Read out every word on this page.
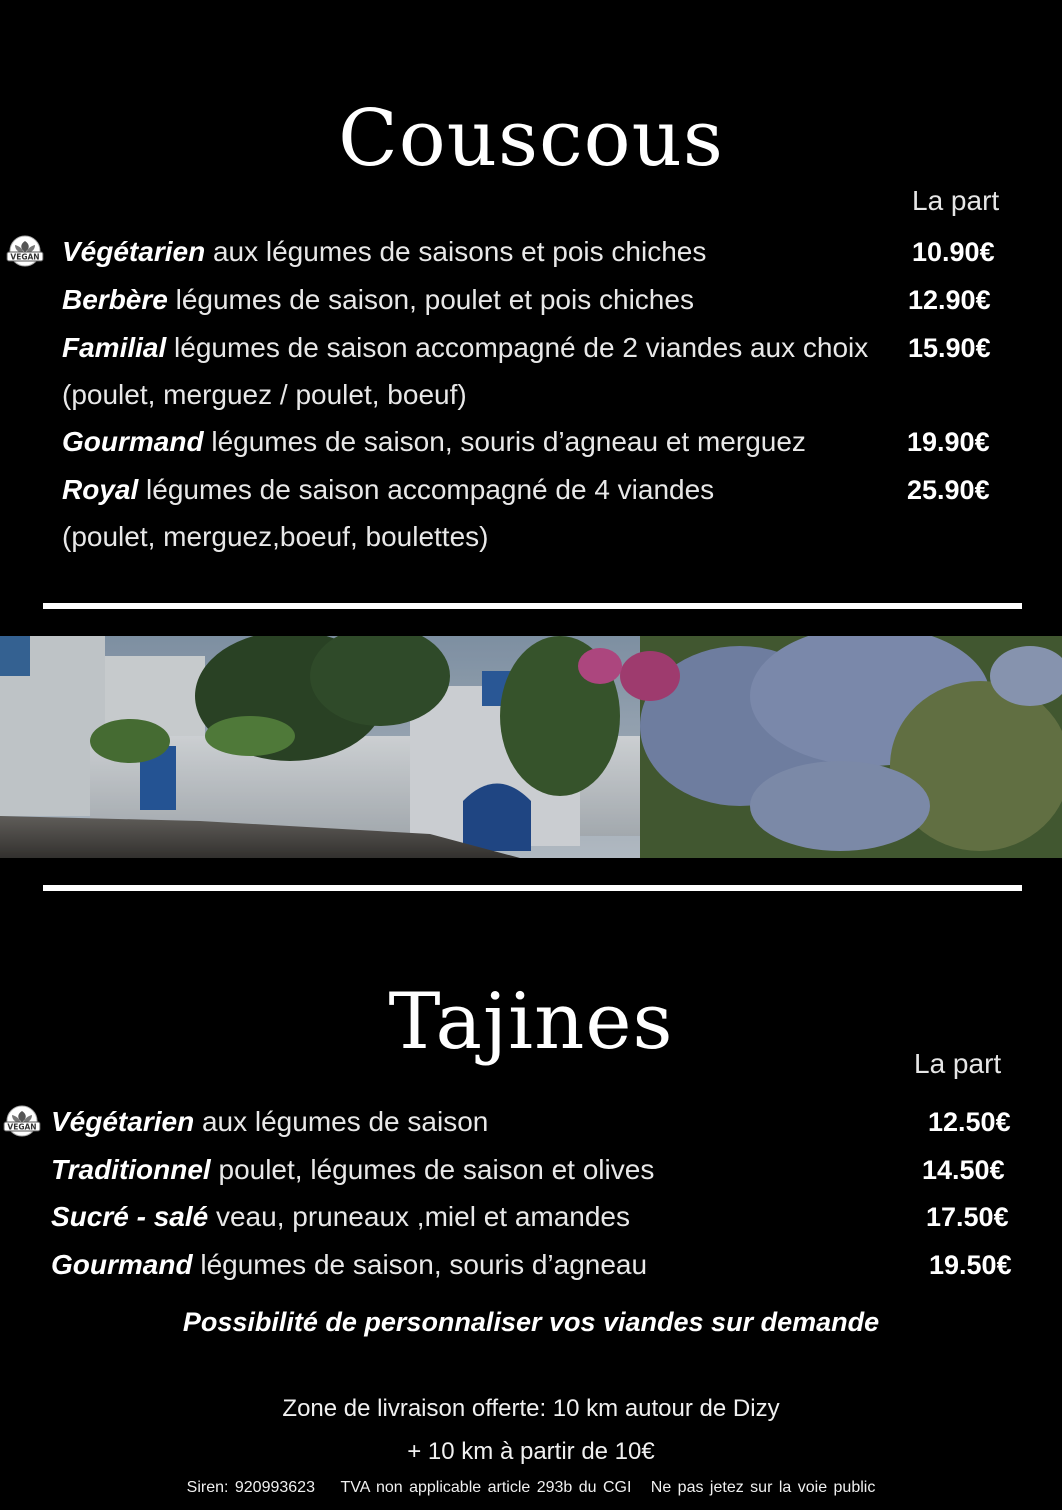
Couscous
La part
VEGAN Végétarien aux légumes de saisons et pois chiches	10.90€
Berbère légumes de saison, poulet et pois chiches	12.90€
Familial légumes de saison accompagné de 2 viandes aux choix 15.90€
(poulet, merguez / poulet, boeuf)
Gourmand légumes de saison, souris d’agneau et merguez	19.90€
Royal légumes de saison accompagné de 4 viandes	25.90€
(poulet, merguez,boeuf, boulettes)
Tajines	La part
VEGAN Végétarien aux légumes de saison	12.50€
Traditionnel poulet, légumes de saison et olives	14.50€
Sucré - salé veau, pruneaux ,miel et amandes	17.50€
Gourmand légumes de saison, souris d’agneau	19.50€
Possibilité de personnaliser vos viandes sur demande
Zone de livraison offerte: 10 km autour de Dizy
+ 10 km à partir de 10€
Siren: 920993623    TVA non applicable article 293b du CGI   Ne pas jetez sur la voie public
